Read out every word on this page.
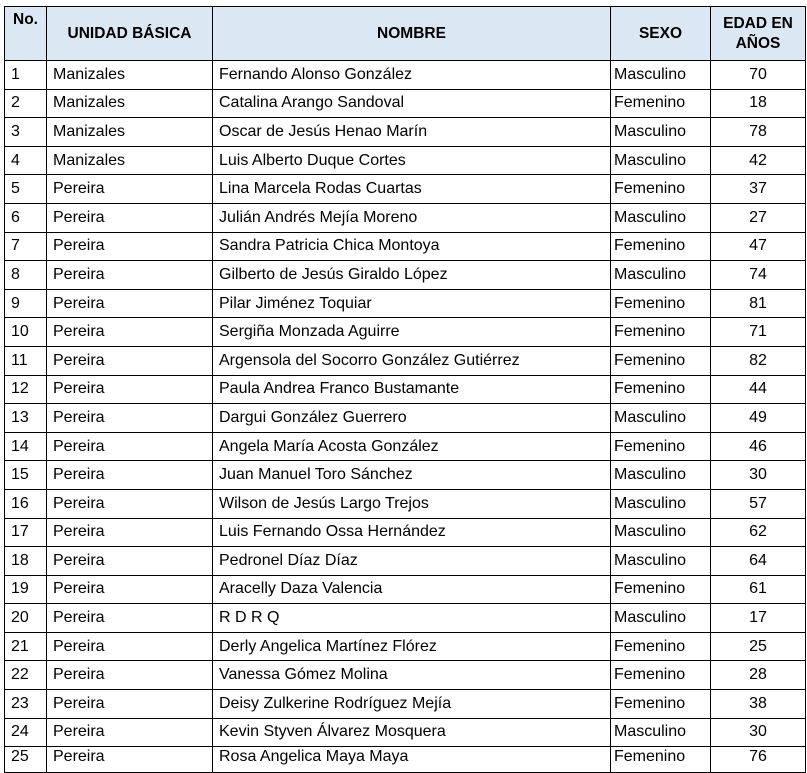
No.	UNIDAD BÁSICA	NOMBRE	SEXO	EDAD EN
AÑOS
1	Manizales	Fernando Alonso González	Masculino	70
2	Manizales	Catalina Arango Sandoval	Femenino	18
3	Manizales	Oscar de Jesús Henao Marín	Masculino	78
4	Manizales	Luis Alberto Duque Cortes	Masculino	42
5	Pereira	Lina Marcela Rodas Cuartas	Femenino	37
6	Pereira	Julián Andrés Mejía Moreno	Masculino	27
7	Pereira	Sandra Patricia Chica Montoya	Femenino	47
8	Pereira	Gilberto de Jesús Giraldo López	Masculino	74
9	Pereira	Pilar Jiménez Toquiar	Femenino	81
10	Pereira	Sergiña Monzada Aguirre	Femenino	71
11	Pereira	Argensola del Socorro González Gutiérrez	Femenino	82
12	Pereira	Paula Andrea Franco Bustamante	Femenino	44
13	Pereira	Dargui González Guerrero	Masculino	49
14	Pereira	Angela María Acosta González	Femenino	46
15	Pereira	Juan Manuel Toro Sánchez	Masculino	30
16	Pereira	Wilson de Jesús Largo Trejos	Masculino	57
17	Pereira	Luis Fernando Ossa Hernández	Masculino	62
18	Pereira	Pedronel Díaz Díaz	Masculino	64
19	Pereira	Aracelly Daza Valencia	Femenino	61
20	Pereira	R D R Q	Masculino	17
21	Pereira	Derly Angelica Martínez Flórez	Femenino	25
22	Pereira	Vanessa Gómez Molina	Femenino	28
23	Pereira	Deisy Zulkerine Rodríguez Mejía	Femenino	38
24	Pereira	Kevin Styven Álvarez Mosquera	Masculino	30
25	Pereira	Rosa Angelica Maya Maya	Femenino	76
